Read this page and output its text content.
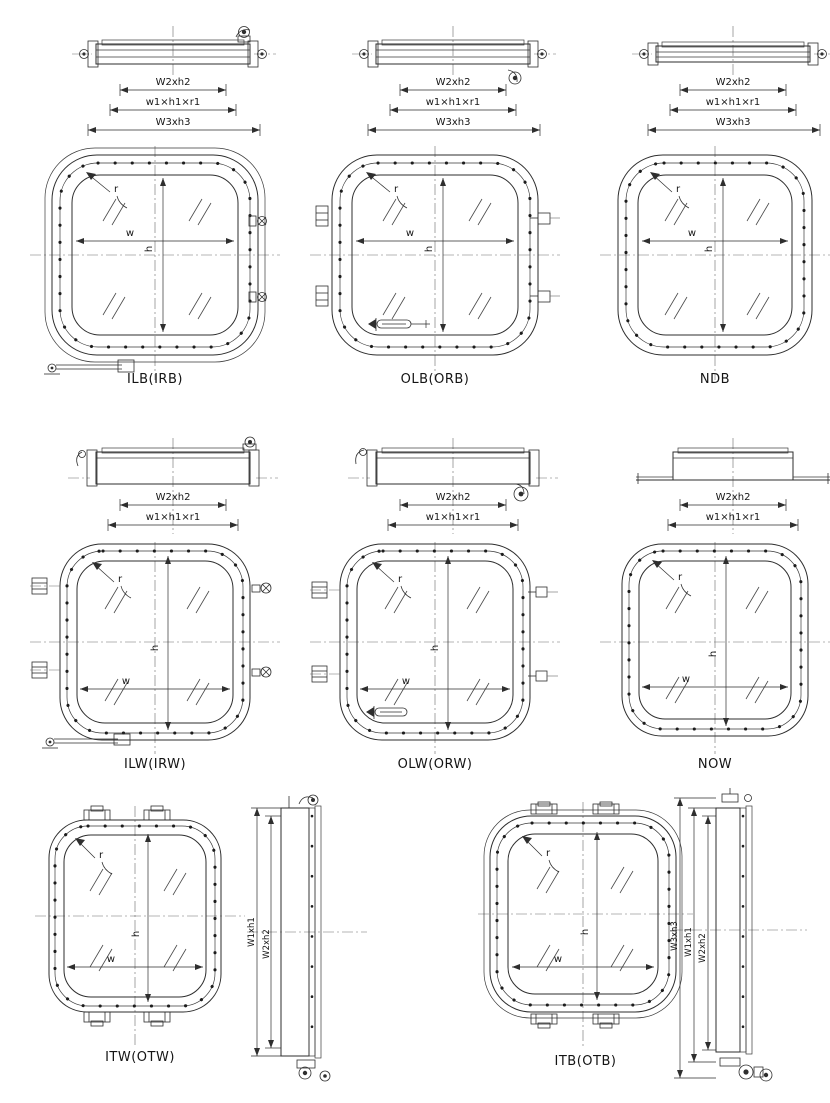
W2xh2
w1×h1×r1
W3xh3
W2xh2
w1×h1×r1
W3xh3
W2xh2
w1×h1×r1
W3xh3
r
w
h
r
w
h
r
w
h
ILB(IRB)	OLB(ORB)	NDB
W2xh2
w1×h1×r1
W2xh2
w1×h1×r1
W2xh2
w1×h1×r1
r
w
h
r
w
h
r
w
h
ILW(IRW)	OLW(ORW)	NOW
r
w
h	W1xh1 W2xh2
r
w
h	W3xh3 W1xh1 W2xh2
ITW(OTW)	ITB(OTB)
